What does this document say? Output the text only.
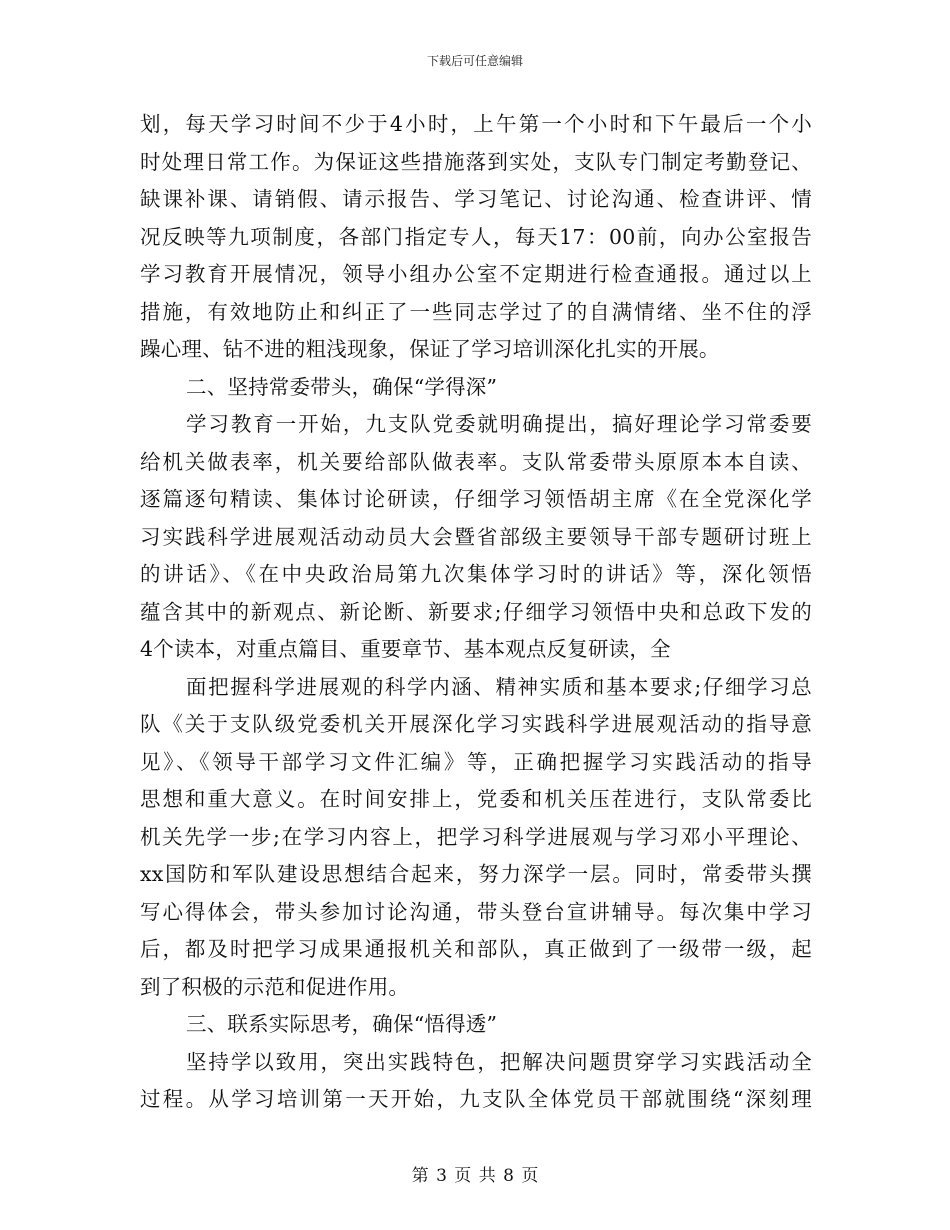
下载后可任意编辑
划，每天学习时间不少于4小时，上午第一个小时和下午最后一个小
时处理日常工作。为保证这些措施落到实处，支队专门制定考勤登记、
缺课补课、请销假、请示报告、学习笔记、讨论沟通、检查讲评、情
况反映等九项制度，各部门指定专人，每天17：00前，向办公室报告
学习教育开展情况，领导小组办公室不定期进行检查通报。通过以上
措施，有效地防止和纠正了一些同志学过了的自满情绪、坐不住的浮
躁心理、钻不进的粗浅现象，保证了学习培训深化扎实的开展。
二、坚持常委带头，确保“学得深”
学习教育一开始，九支队党委就明确提出，搞好理论学习常委要
给机关做表率，机关要给部队做表率。支队常委带头原原本本自读、
逐篇逐句精读、集体讨论研读，仔细学习领悟胡主席《在全党深化学
习实践科学进展观活动动员大会暨省部级主要领导干部专题研讨班上
的讲话》、《在中央政治局第九次集体学习时的讲话》等，深化领悟
蕴含其中的新观点、新论断、新要求;仔细学习领悟中央和总政下发的
4个读本，对重点篇目、重要章节、基本观点反复研读，全
面把握科学进展观的科学内涵、精神实质和基本要求;仔细学习总
队《关于支队级党委机关开展深化学习实践科学进展观活动的指导意
见》、《领导干部学习文件汇编》等，正确把握学习实践活动的指导
思想和重大意义。在时间安排上，党委和机关压茬进行，支队常委比
机关先学一步;在学习内容上，把学习科学进展观与学习邓小平理论、
xx国防和军队建设思想结合起来，努力深学一层。同时，常委带头撰
写心得体会，带头参加讨论沟通，带头登台宣讲辅导。每次集中学习
后，都及时把学习成果通报机关和部队，真正做到了一级带一级，起
到了积极的示范和促进作用。
三、联系实际思考，确保“悟得透”
坚持学以致用，突出实践特色，把解决问题贯穿学习实践活动全
过程。从学习培训第一天开始，九支队全体党员干部就围绕“深刻理
第 3 页 共 8 页
